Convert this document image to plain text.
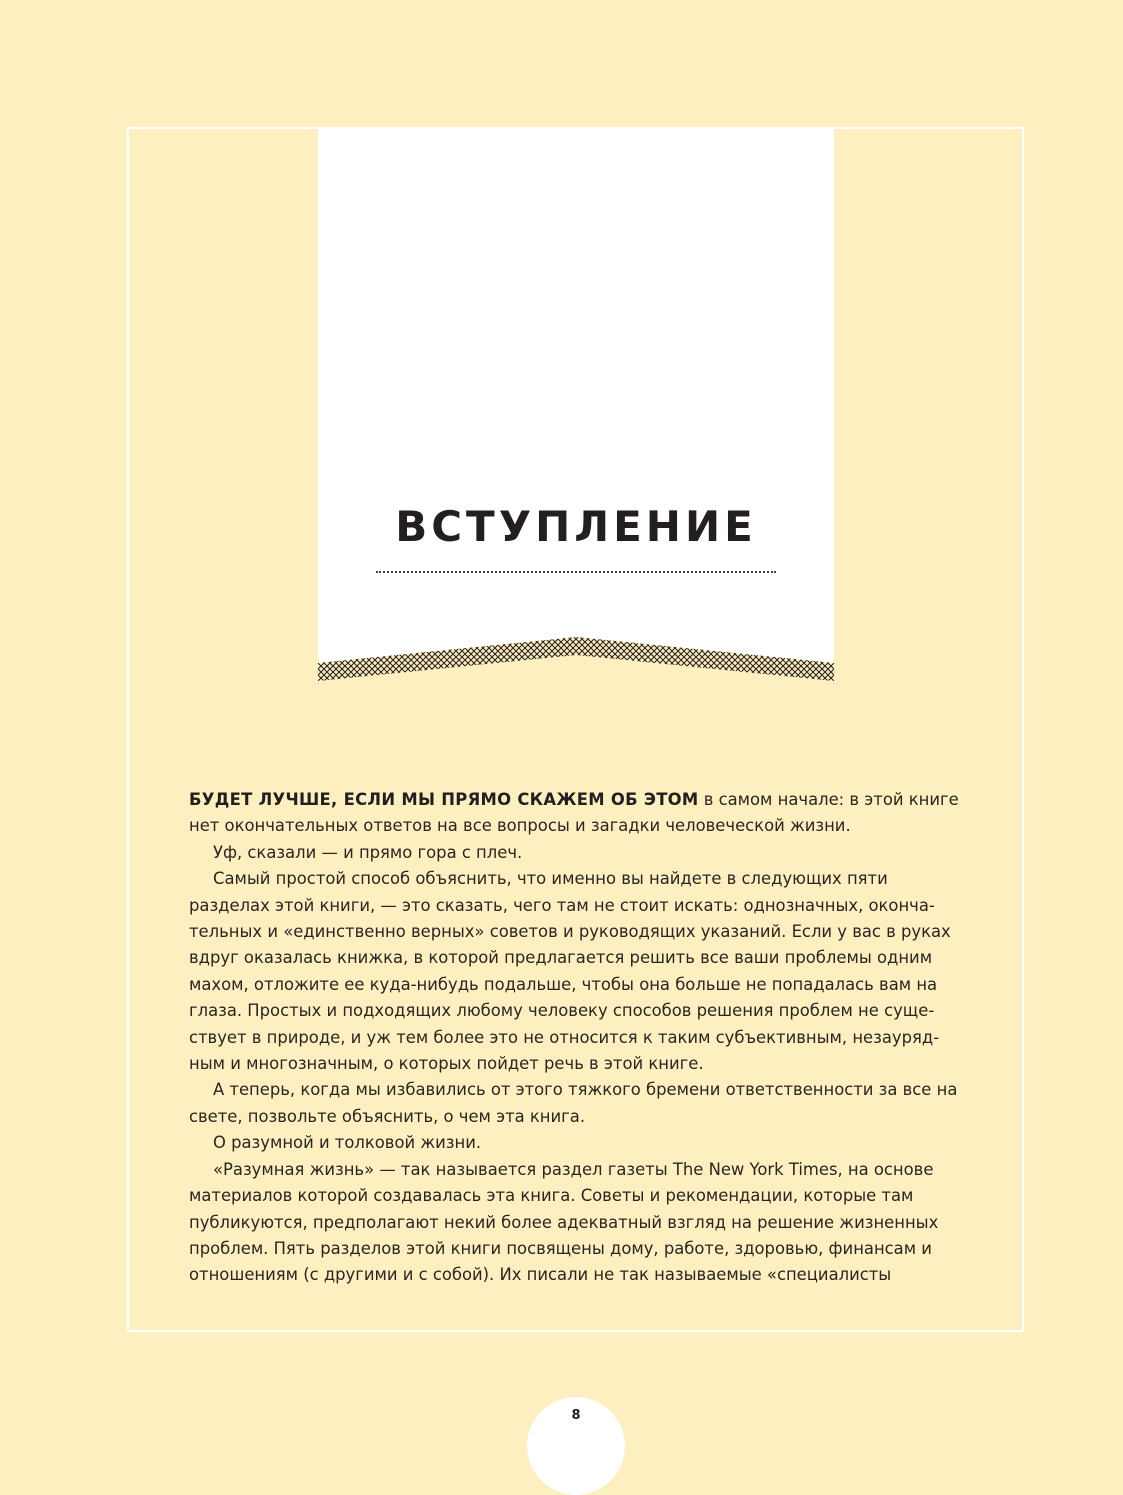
ВСТУПЛЕНИЕ

БУДЕТ ЛУЧШЕ, ЕСЛИ МЫ ПРЯМО СКАЖЕМ ОБ ЭТОМ в самом начале: в этой книге нет окончательных ответов на все вопросы и загадки человеческой жизни.

Уф, сказали — и прямо гора с плеч.

Самый простой способ объяснить, что именно вы найдете в следующих пяти разделах этой книги, — это сказать, чего там не стоит искать: однозначных, окончательных и «единственно верных» советов и руководящих указаний. Если у вас в руках вдруг оказалась книжка, в которой предлагается решить все ваши проблемы одним махом, отложите ее куда-нибудь подальше, чтобы она больше не попадалась вам на глаза. Простых и подходящих любому человеку способов решения проблем не существует в природе, и уж тем более это не относится к таким субъективным, незаурядным и многозначным, о которых пойдет речь в этой книге.

А теперь, когда мы избавились от этого тяжкого бремени ответственности за все на свете, позвольте объяснить, о чем эта книга.

О разумной и толковой жизни.

«Разумная жизнь» — так называется раздел газеты The New York Times, на основе материалов которой создавалась эта книга. Советы и рекомендации, которые там публикуются, предполагают некий более адекватный взгляд на решение жизненных проблем. Пять разделов этой книги посвящены дому, работе, здоровью, финансам и отношениям (с другими и с собой). Их писали не так называемые «специалисты

8
